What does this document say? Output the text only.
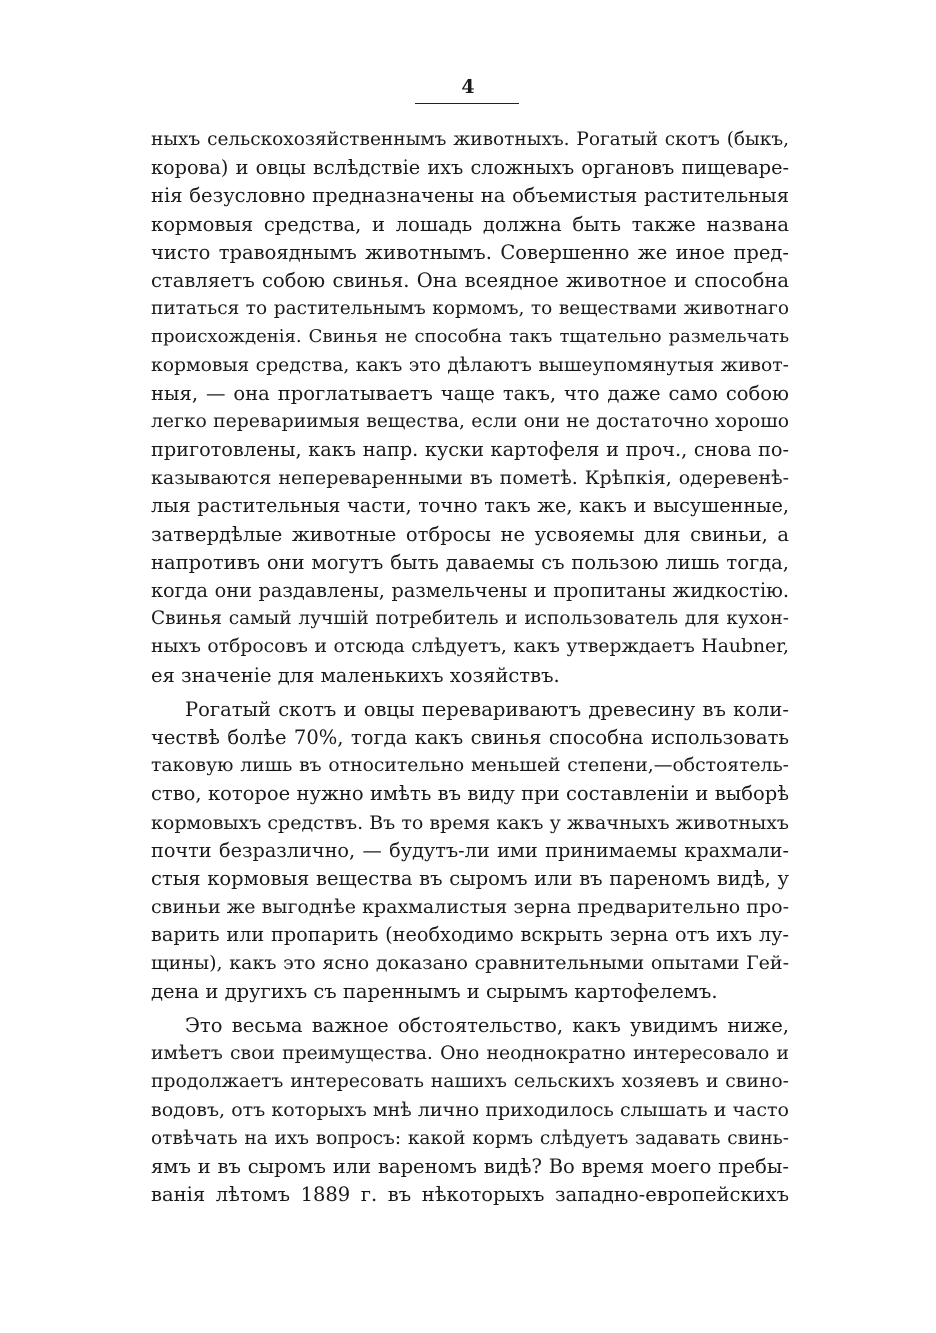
4
ныхъ сельскохозяйственнымъ животныхъ. Рогатый скотъ (быкъ,
корова) и овцы вслѣдствіе ихъ сложныхъ органовъ пищеваре-
нія безусловно предназначены на объемистыя растительныя
кормовыя средства, и лошадь должна быть также названа
чисто травояднымъ животнымъ. Совершенно же иное пред-
ставляетъ собою свинья. Она всеядное животное и способна
питаться то растительнымъ кормомъ, то веществами животнаго
происхожденія. Свинья не способна такъ тщательно размельчать
кормовыя средства, какъ это дѣлаютъ вышеупомянутыя живот-
ныя, — она проглатываетъ чаще такъ, что даже само собою
легко перевариимыя вещества, если они не достаточно хорошо
приготовлены, какъ напр. куски картофеля и проч., снова по-
казываются непереваренными въ пометѣ. Крѣпкія, одеревенѣ-
лыя растительныя части, точно такъ же, какъ и высушенные,
затвердѣлые животные отбросы не усвояемы для свиньи, а
напротивъ они могутъ быть даваемы съ пользою лишь тогда,
когда они раздавлены, размельчены и пропитаны жидкостію.
Свинья самый лучшій потребитель и использователь для кухон-
ныхъ отбросовъ и отсюда слѣдуетъ, какъ утверждаетъ Haubner,
ея значеніе для маленькихъ хозяйствъ.
Рогатый скотъ и овцы перевариваютъ древесину въ коли-
чествѣ болѣе 70%, тогда какъ свинья способна использовать
таковую лишь въ относительно меньшей степени,—обстоятель-
ство, которое нужно имѣть въ виду при составленіи и выборѣ
кормовыхъ средствъ. Въ то время какъ у жвачныхъ животныхъ
почти безразлично, — будутъ-ли ими принимаемы крахмали-
стыя кормовыя вещества въ сыромъ или въ пареномъ видѣ, у
свиньи же выгоднѣе крахмалистыя зерна предварительно про-
варить или пропарить (необходимо вскрыть зерна отъ ихъ лу-
щины), какъ это ясно доказано сравнительными опытами Гей-
дена и другихъ съ пареннымъ и сырымъ картофелемъ.
Это весьма важное обстоятельство, какъ увидимъ ниже,
имѣетъ свои преимущества. Оно неоднократно интересовало и
продолжаетъ интересовать нашихъ сельскихъ хозяевъ и свино-
водовъ, отъ которыхъ мнѣ лично приходилось слышать и часто
отвѣчать на ихъ вопросъ: какой кормъ слѣдуетъ задавать свинь-
ямъ и въ сыромъ или вареномъ видѣ? Во время моего пребы-
ванія лѣтомъ 1889 г. въ нѣкоторыхъ западно-европейскихъ
